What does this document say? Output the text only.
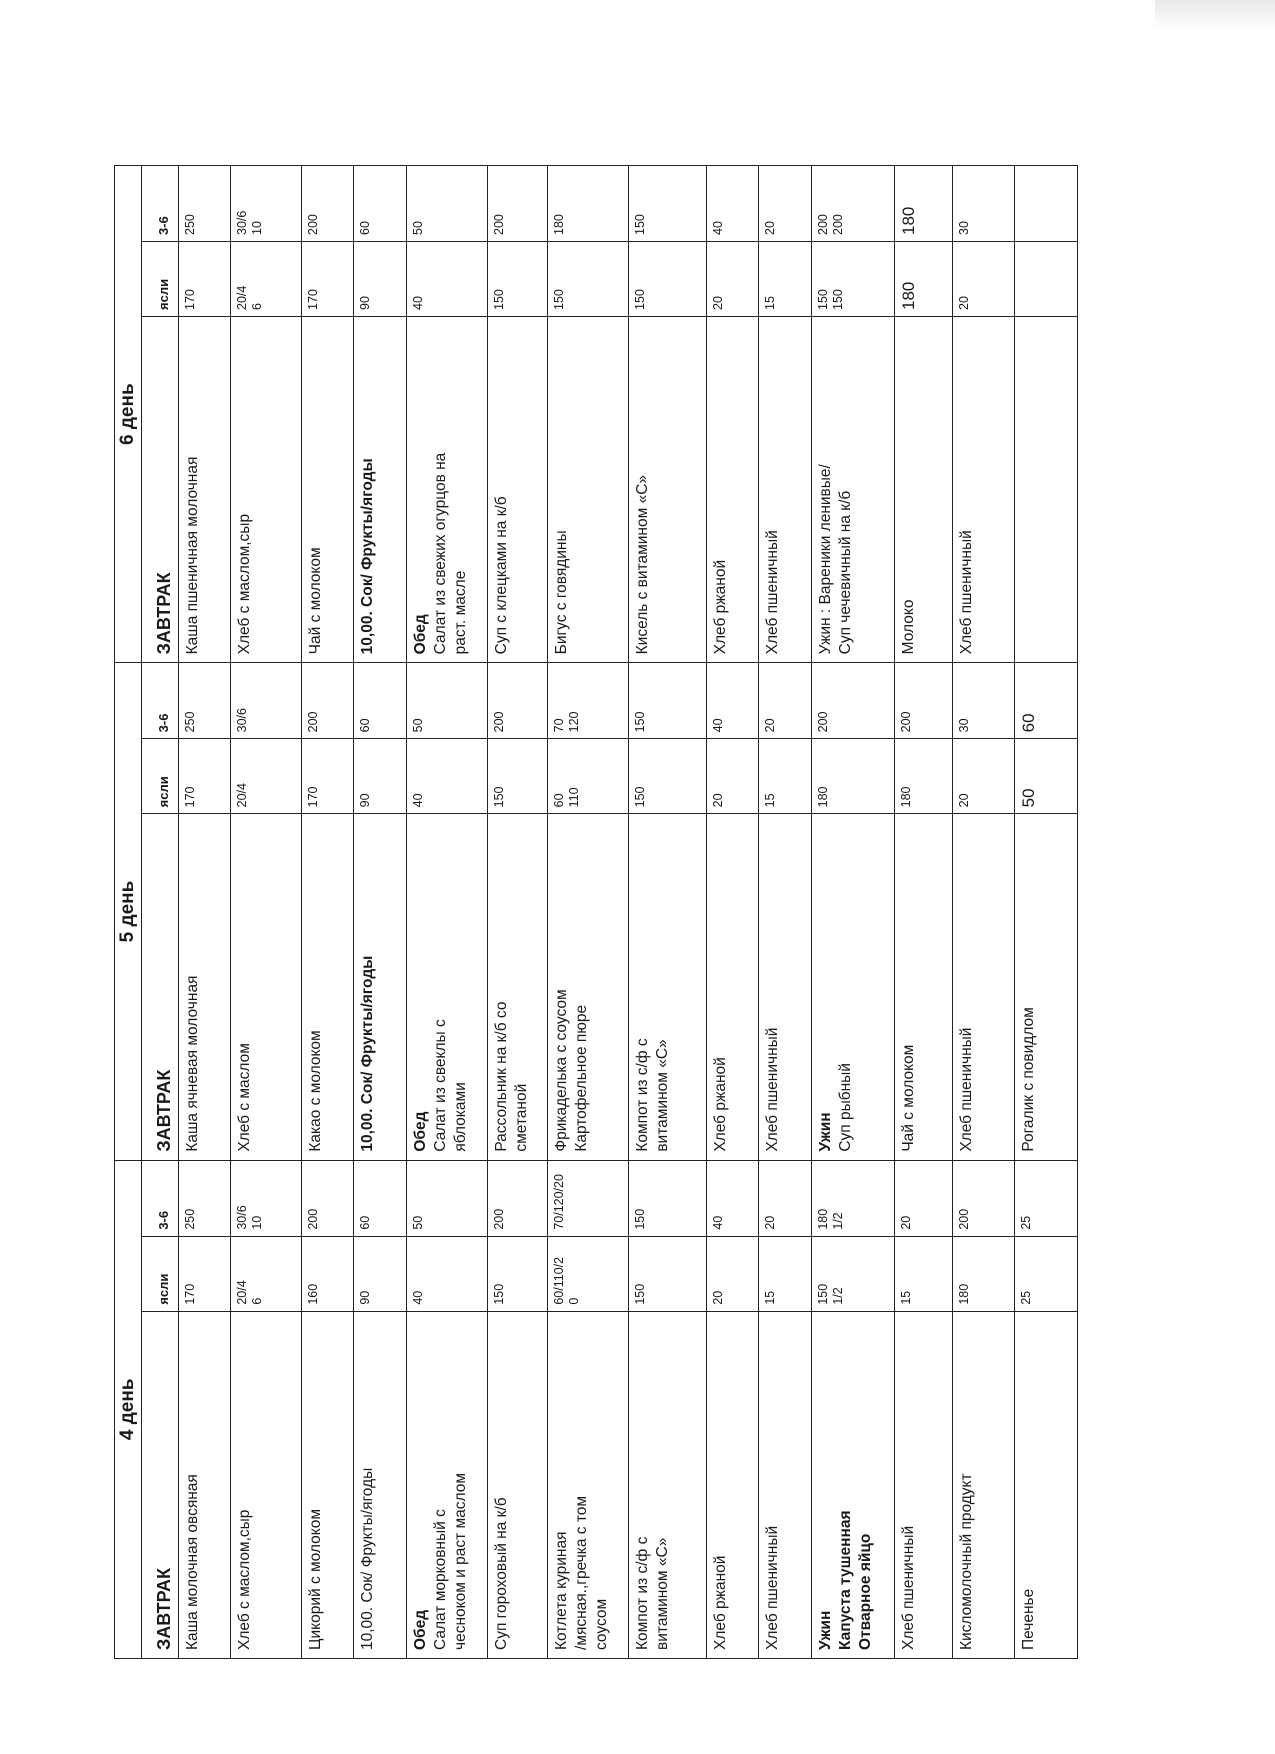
4 день
ЗАВТРАК
ясли
3-6
Каша молочная овсяная
170
250
Хлеб с маслом,сыр
20/4 6
30/6 10
Цикорий с молоком
160
200
10,00. Сок/ Фрукты/ягоды
90
60
Обед Салат морковный с чесноком и раст маслом
40
50
Суп гороховый на к/б
150
200
Котлета куриная /мясная.,гречка с том соусом
60/110/2 0
70/120/20
Компот из с/ф с витамином «С»
150
150
Хлеб ржаной
20
40
Хлеб пшеничный
15
20
Ужин Капуста тушенная Отварное яйцо
150 1/2
180 1/2
Хлеб пшеничный
15
20
Кисломолочный продукт
180
200
Печенье
25
25
5 день
ЗАВТРАК
ясли
3-6
Каша ячневая молочная
170
250
Хлеб с маслом
20/4
30/6
Какао с молоком
170
200
10,00. Сок/ Фрукты/ягоды
90
60
Обед Салат из свеклы с яблоками
40
50
Рассольник на к/б со сметаной
150
200
Фрикаделька с соусом Картофельное пюре
60 110
70 120
Компот из с/ф с витамином «С»
150
150
Хлеб ржаной
20
40
Хлеб пшеничный
15
20
Ужин Суп рыбный
180
200
Чай с молоком
180
200
Хлеб пшеничный
20
30
Рогалик с повидлом
50
60
6 день
ЗАВТРАК
ясли
3-6
Каша пшеничная молочная
170
250
Хлеб с маслом,сыр
20/4 6
30/6 10
Чай с молоком
170
200
10,00. Сок/ Фрукты/ягоды
90
60
Обед Салат из свежих огурцов на раст. масле
40
50
Суп с клецками на к/б
150
200
Бигус с говядины
150
180
Кисель с витамином «С»
150
150
Хлеб ржаной
20
40
Хлеб пшеничный
15
20
Ужин : Вареники ленивые/ Суп чечевичный на к/б
150 150
200 200
Молоко
180
180
Хлеб пшеничный
20
30
